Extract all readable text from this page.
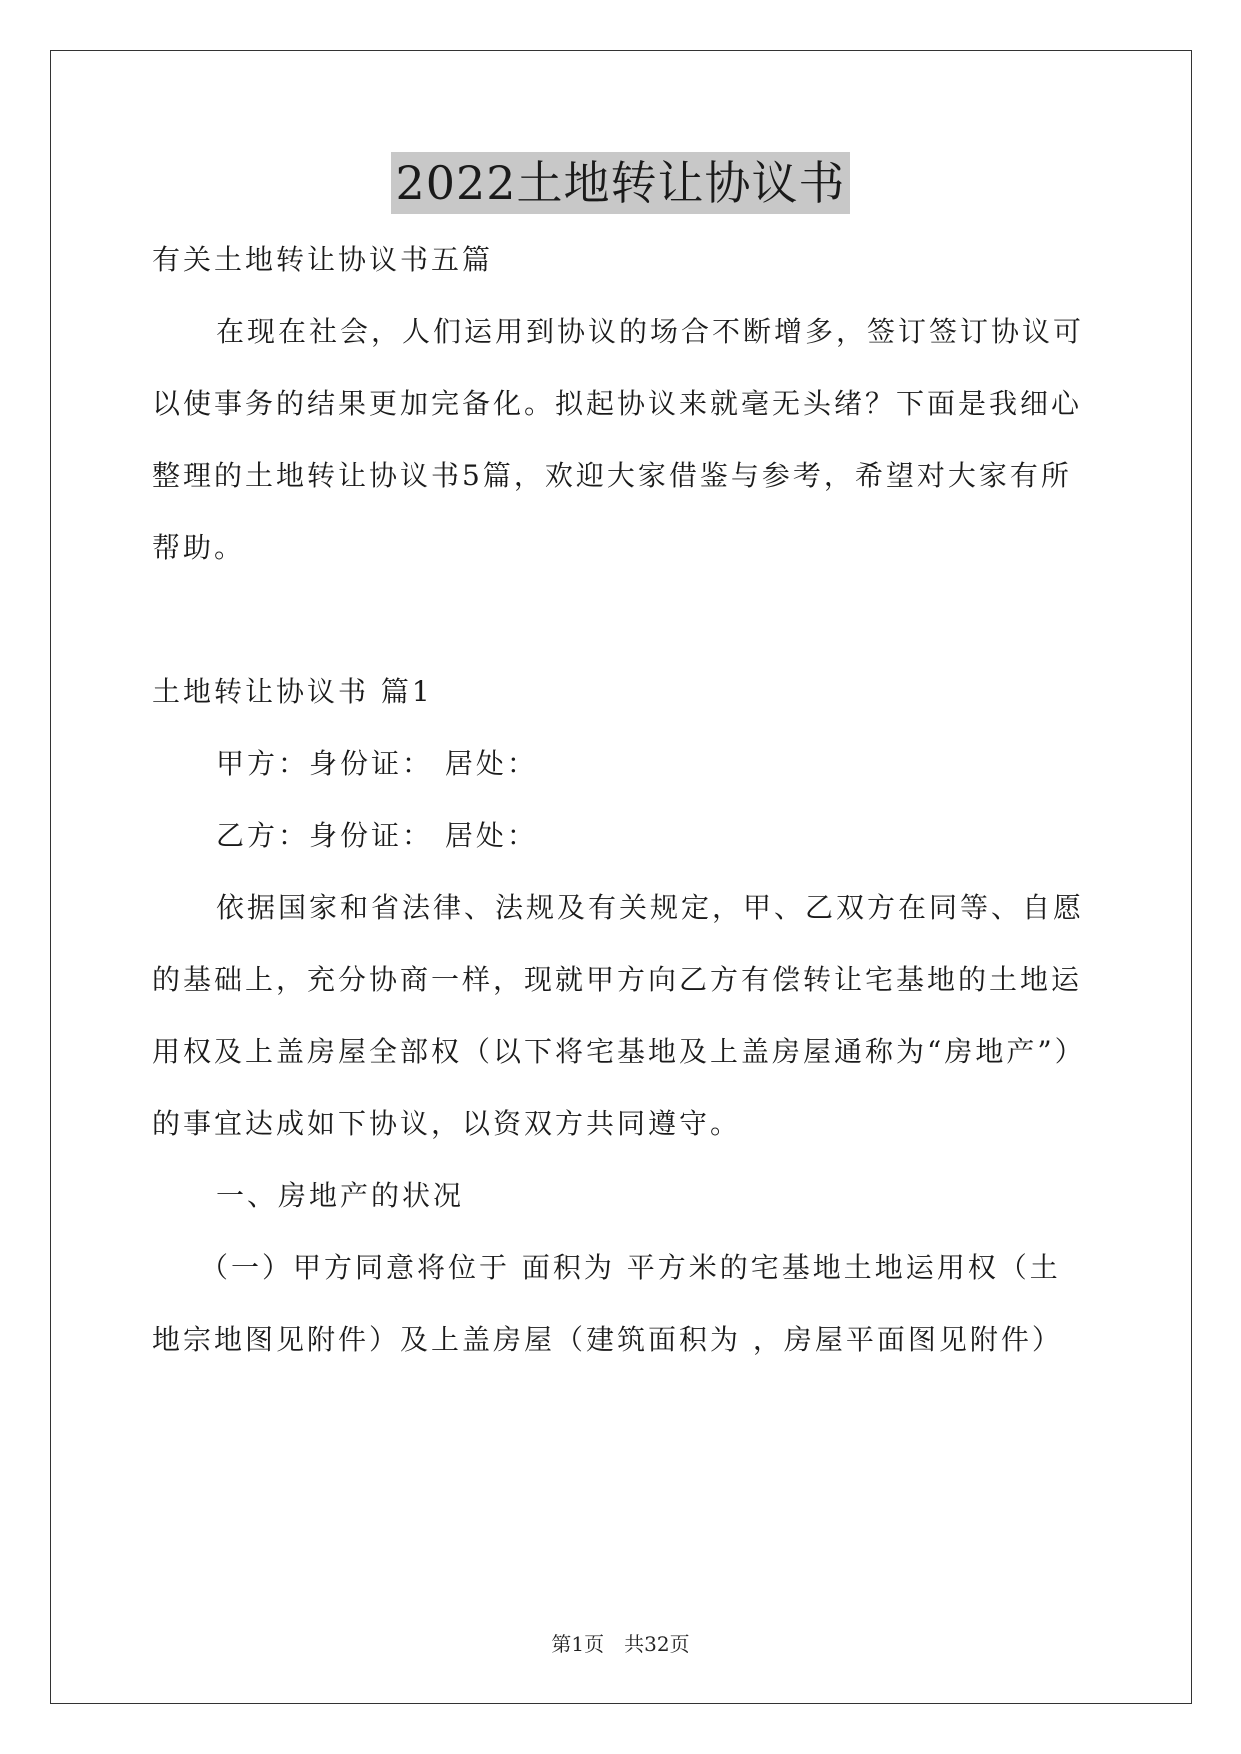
2022土地转让协议书
有关土地转让协议书五篇
在现在社会，人们运用到协议的场合不断增多，签订签订协议可
以使事务的结果更加完备化。拟起协议来就毫无头绪？下面是我细心
整理的土地转让协议书5篇，欢迎大家借鉴与参考，希望对大家有所
帮助。
土地转让协议书 篇1
甲方：身份证： 居处：
乙方：身份证： 居处：
依据国家和省法律、法规及有关规定，甲、乙双方在同等、自愿
的基础上，充分协商一样，现就甲方向乙方有偿转让宅基地的土地运
用权及上盖房屋全部权（以下将宅基地及上盖房屋通称为“房地产”）
的事宜达成如下协议，以资双方共同遵守。
一、房地产的状况
（一）甲方同意将位于 面积为 平方米的宅基地土地运用权（土
地宗地图见附件）及上盖房屋（建筑面积为 ，房屋平面图见附件）
第1页 共32页
